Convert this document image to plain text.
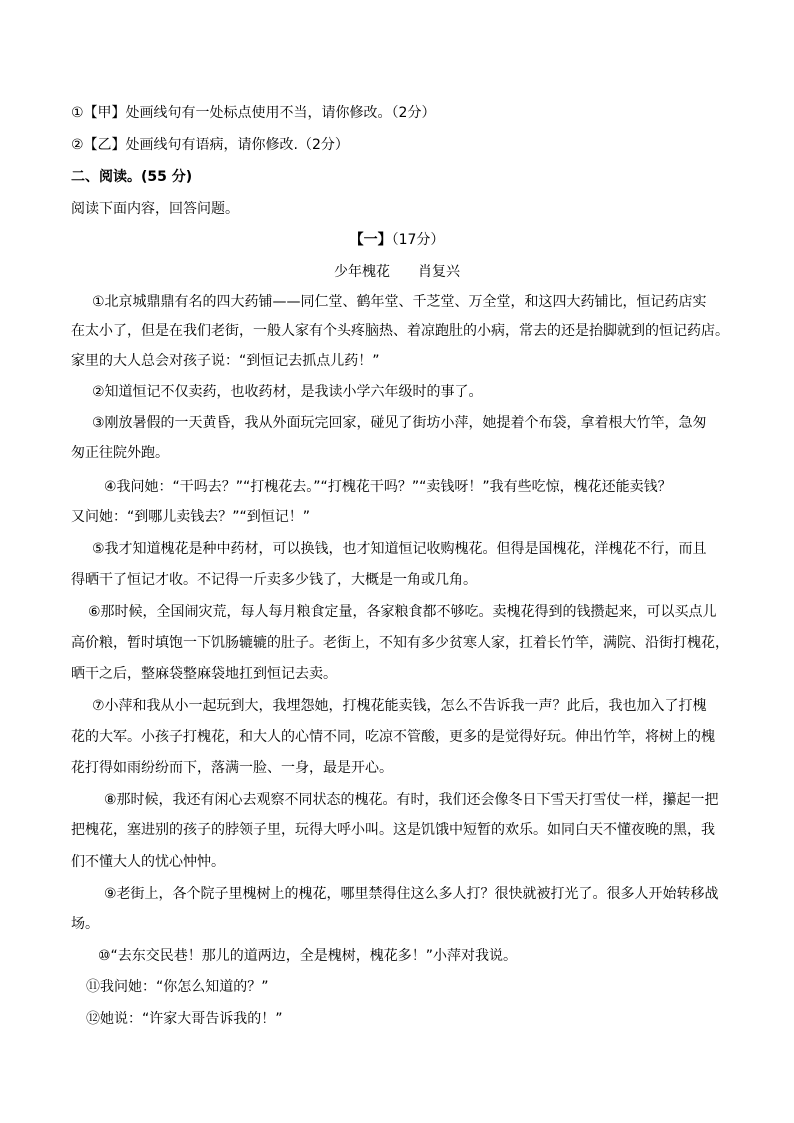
①【甲】处画线句有一处标点使用不当，请你修改。（2分）
②【乙】处画线句有语病，请你修改.（2分）
二、阅读。(55 分)
阅读下面内容，回答问题。
【一】（17分）
少年槐花 肖复兴
①北京城鼎鼎有名的四大药铺——同仁堂、鹤年堂、千芝堂、万全堂，和这四大药铺比，恒记药店实
在太小了，但是在我们老街，一般人家有个头疼脑热、着凉跑肚的小病，常去的还是抬脚就到的恒记药店。
家里的大人总会对孩子说：“到恒记去抓点儿药！”
②知道恒记不仅卖药，也收药材，是我读小学六年级时的事了。
③刚放暑假的一天黄昏，我从外面玩完回家，碰见了街坊小萍，她提着个布袋，拿着根大竹竿，急匆
匆正往院外跑。
④我问她：“干吗去？”“打槐花去。”“打槐花干吗？”“卖钱呀！”我有些吃惊，槐花还能卖钱？
又问她：“到哪儿卖钱去？”“到恒记！”
⑤我才知道槐花是种中药材，可以换钱，也才知道恒记收购槐花。但得是国槐花，洋槐花不行，而且
得晒干了恒记才收。不记得一斤卖多少钱了，大概是一角或几角。
⑥那时候，全国闹灾荒，每人每月粮食定量，各家粮食都不够吃。卖槐花得到的钱攒起来，可以买点儿
高价粮，暂时填饱一下饥肠辘辘的肚子。老街上，不知有多少贫寒人家，扛着长竹竿，满院、沿街打槐花，
晒干之后，整麻袋整麻袋地扛到恒记去卖。
⑦小萍和我从小一起玩到大，我埋怨她，打槐花能卖钱，怎么不告诉我一声？此后，我也加入了打槐
花的大军。小孩子打槐花，和大人的心情不同，吃凉不管酸，更多的是觉得好玩。伸出竹竿，将树上的槐
花打得如雨纷纷而下，落满一脸、一身，最是开心。
⑧那时候，我还有闲心去观察不同状态的槐花。有时，我们还会像冬日下雪天打雪仗一样，攥起一把
把槐花，塞进别的孩子的脖领子里，玩得大呼小叫。这是饥饿中短暂的欢乐。如同白天不懂夜晚的黑，我
们不懂大人的忧心忡忡。
⑨老街上，各个院子里槐树上的槐花，哪里禁得住这么多人打？很快就被打光了。很多人开始转移战
场。
⑩“去东交民巷！那儿的道两边，全是槐树，槐花多！”小萍对我说。
⑪我问她：“你怎么知道的？”
⑫她说：“许家大哥告诉我的！”
